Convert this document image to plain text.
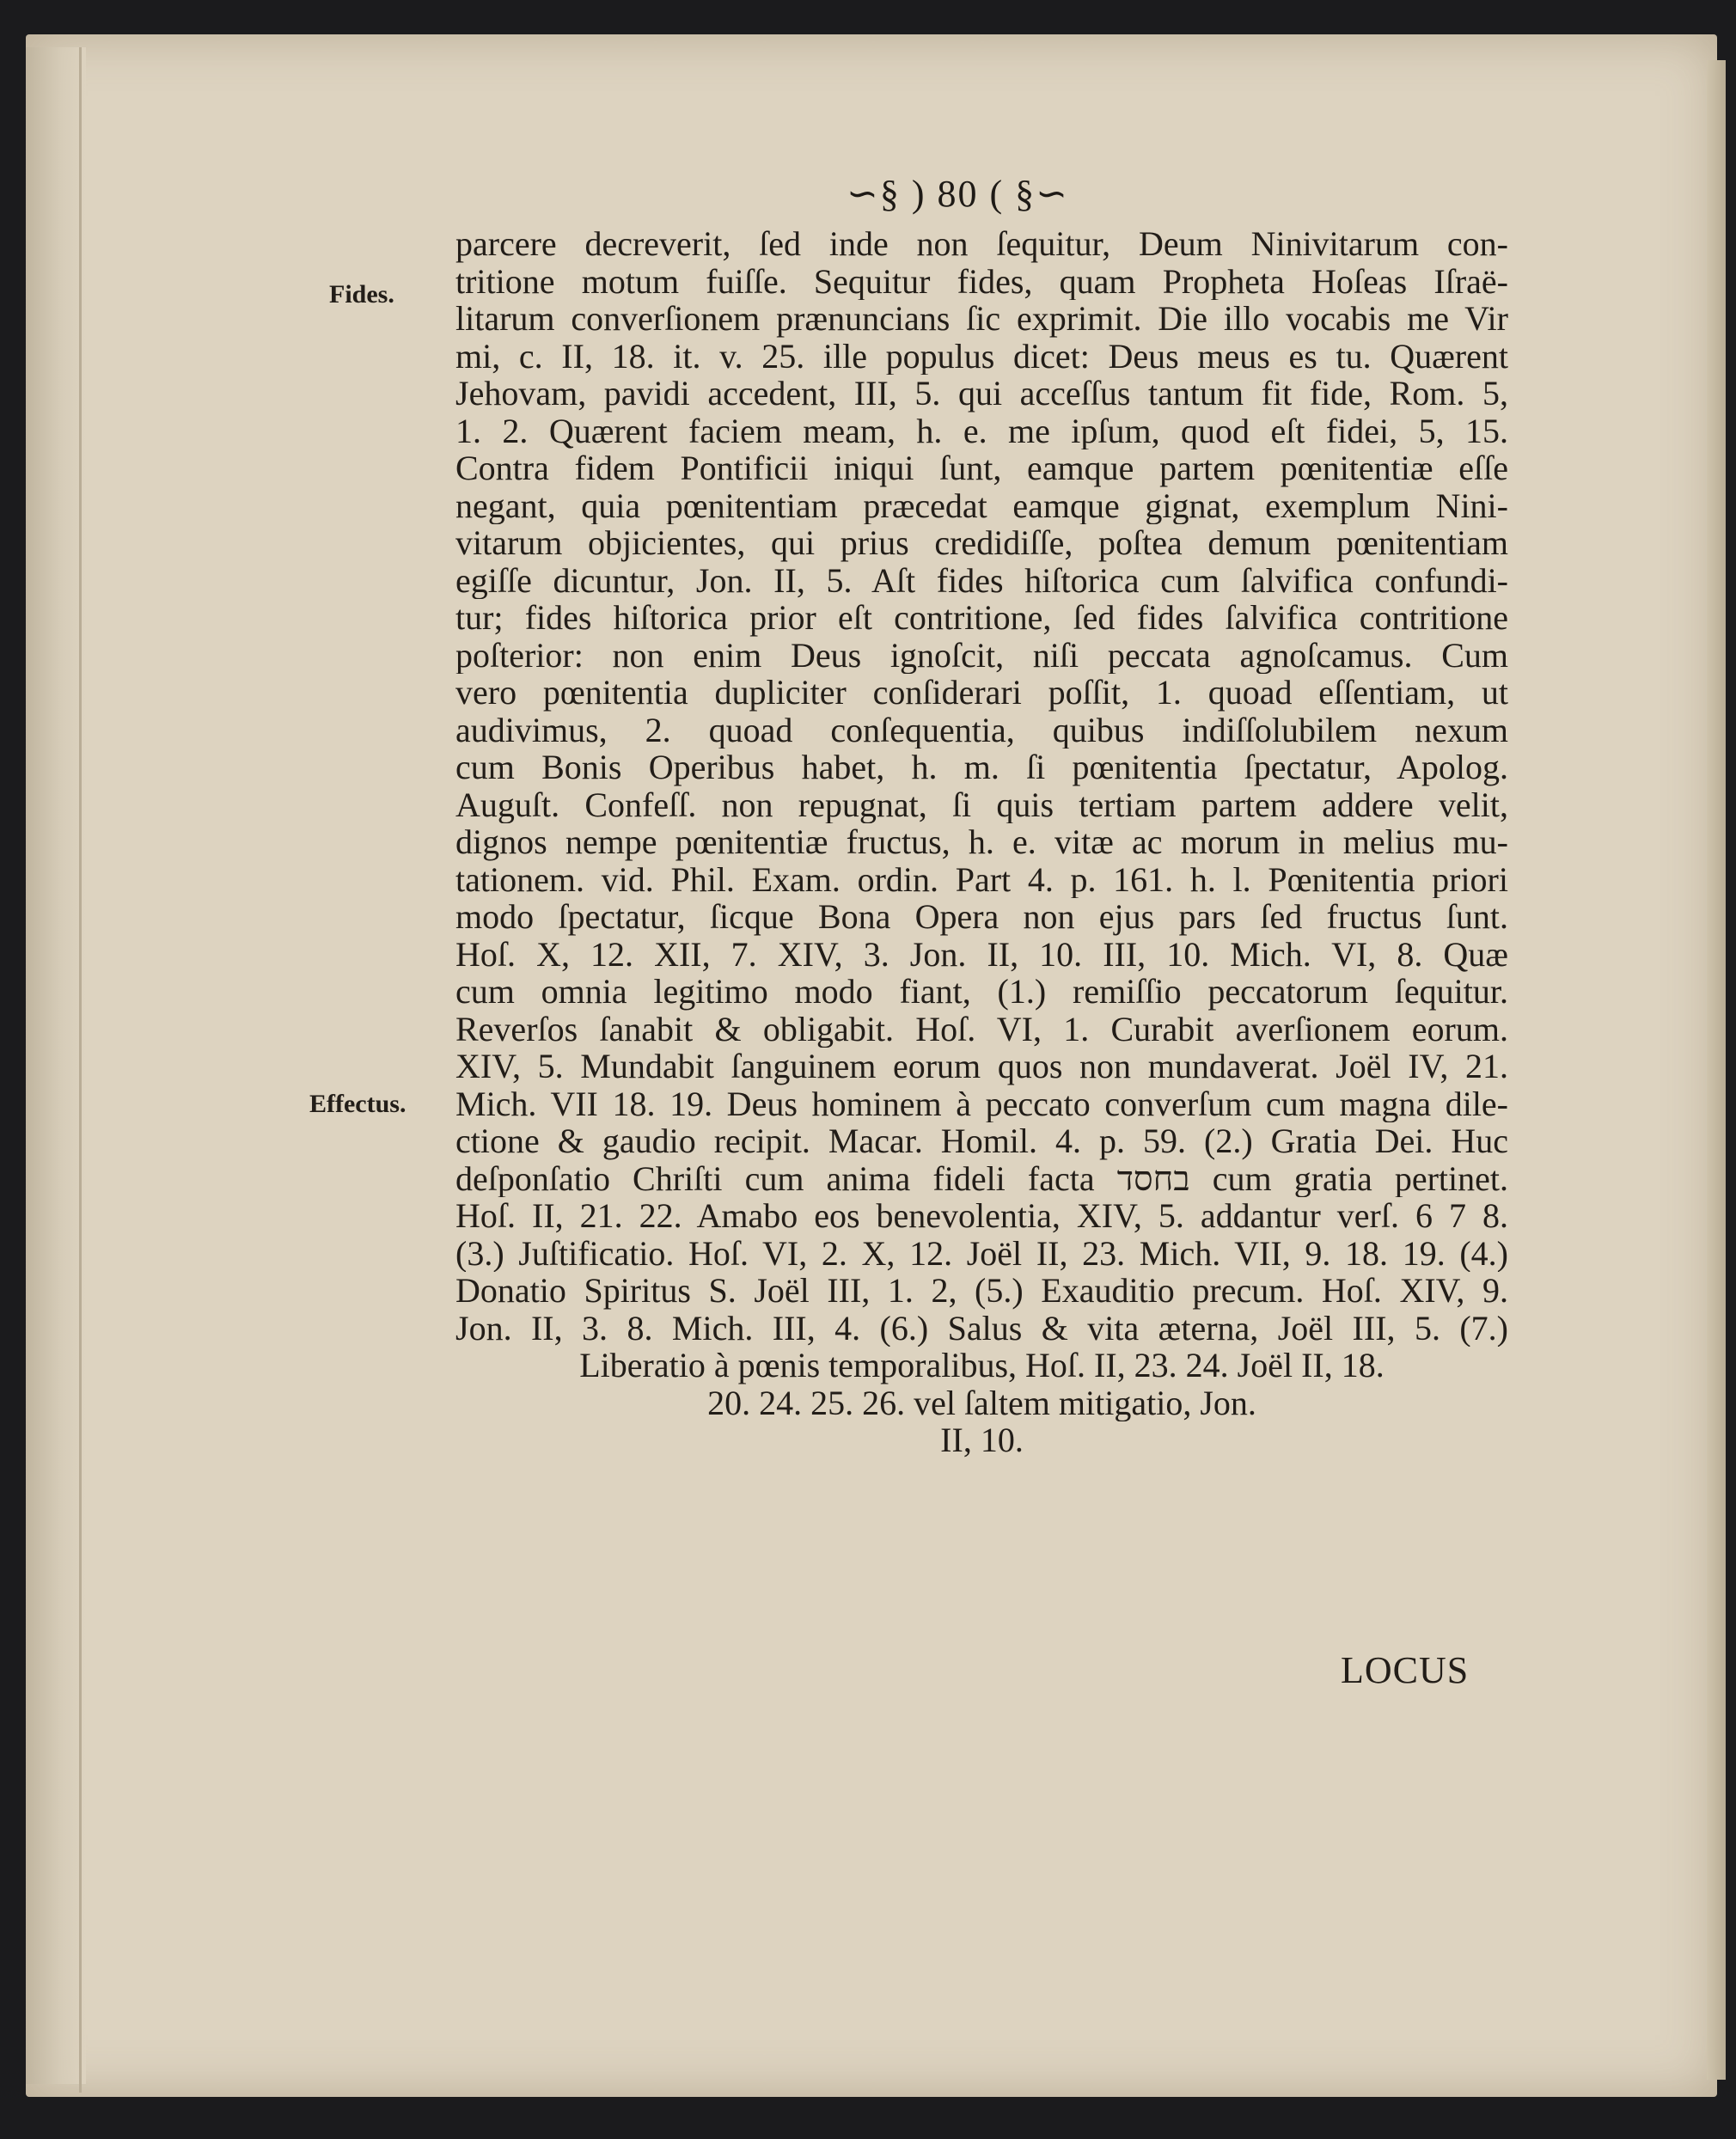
∽§ ) 80 ( §∽
Fides.
Effectus.
parcere decreverit, ſed inde non ſequitur, Deum Ninivitarum con-
tritione motum fuiſſe. Sequitur fides, quam Propheta Hoſeas Iſraë-
litarum converſionem prænuncians ſic exprimit. Die illo vocabis me Vir
mi, c. II, 18. it. v. 25. ille populus dicet: Deus meus es tu. Quærent
Jehovam, pavidi accedent, III, 5. qui acceſſus tantum fit fide, Rom. 5,
1. 2. Quærent faciem meam, h. e. me ipſum, quod eſt fidei, 5, 15.
Contra fidem Pontificii iniqui ſunt, eamque partem pœnitentiæ eſſe
negant, quia pœnitentiam præcedat eamque gignat, exemplum Nini-
vitarum objicientes, qui prius credidiſſe, poſtea demum pœnitentiam
egiſſe dicuntur, Jon. II, 5. Aſt fides hiſtorica cum ſalvifica confundi-
tur; fides hiſtorica prior eſt contritione, ſed fides ſalvifica contritione
poſterior: non enim Deus ignoſcit, niſi peccata agnoſcamus. Cum
vero pœnitentia dupliciter conſiderari poſſit, 1. quoad eſſentiam, ut
audivimus, 2. quoad conſequentia, quibus indiſſolubilem nexum
cum Bonis Operibus habet, h. m. ſi pœnitentia ſpectatur, Apolog.
Auguſt. Confeſſ. non repugnat, ſi quis tertiam partem addere velit,
dignos nempe pœnitentiæ fructus, h. e. vitæ ac morum in melius mu-
tationem. vid. Phil. Exam. ordin. Part 4. p. 161. h. l. Pœnitentia priori
modo ſpectatur, ſicque Bona Opera non ejus pars ſed fructus ſunt.
Hoſ. X, 12. XII, 7. XIV, 3. Jon. II, 10. III, 10. Mich. VI, 8. Quæ
cum omnia legitimo modo fiant, (1.) remiſſio peccatorum ſequitur.
Reverſos ſanabit & obligabit. Hoſ. VI, 1. Curabit averſionem eorum.
XIV, 5. Mundabit ſanguinem eorum quos non mundaverat. Joël IV, 21.
Mich. VII 18. 19. Deus hominem à peccato converſum cum magna dile-
ctione & gaudio recipit. Macar. Homil. 4. p. 59. (2.) Gratia Dei. Huc
deſponſatio Chriſti cum anima fideli facta בחסד cum gratia pertinet.
Hoſ. II, 21. 22. Amabo eos benevolentia, XIV, 5. addantur verſ. 6 7 8.
(3.) Juſtificatio. Hoſ. VI, 2. X, 12. Joël II, 23. Mich. VII, 9. 18. 19. (4.)
Donatio Spiritus S. Joël III, 1. 2, (5.) Exauditio precum. Hoſ. XIV, 9.
Jon. II, 3. 8. Mich. III, 4. (6.) Salus & vita æterna, Joël III, 5. (7.)
Liberatio à pœnis temporalibus, Hoſ. II, 23. 24. Joël II, 18.
20. 24. 25. 26. vel ſaltem mitigatio, Jon.
II, 10.
LOCUS
